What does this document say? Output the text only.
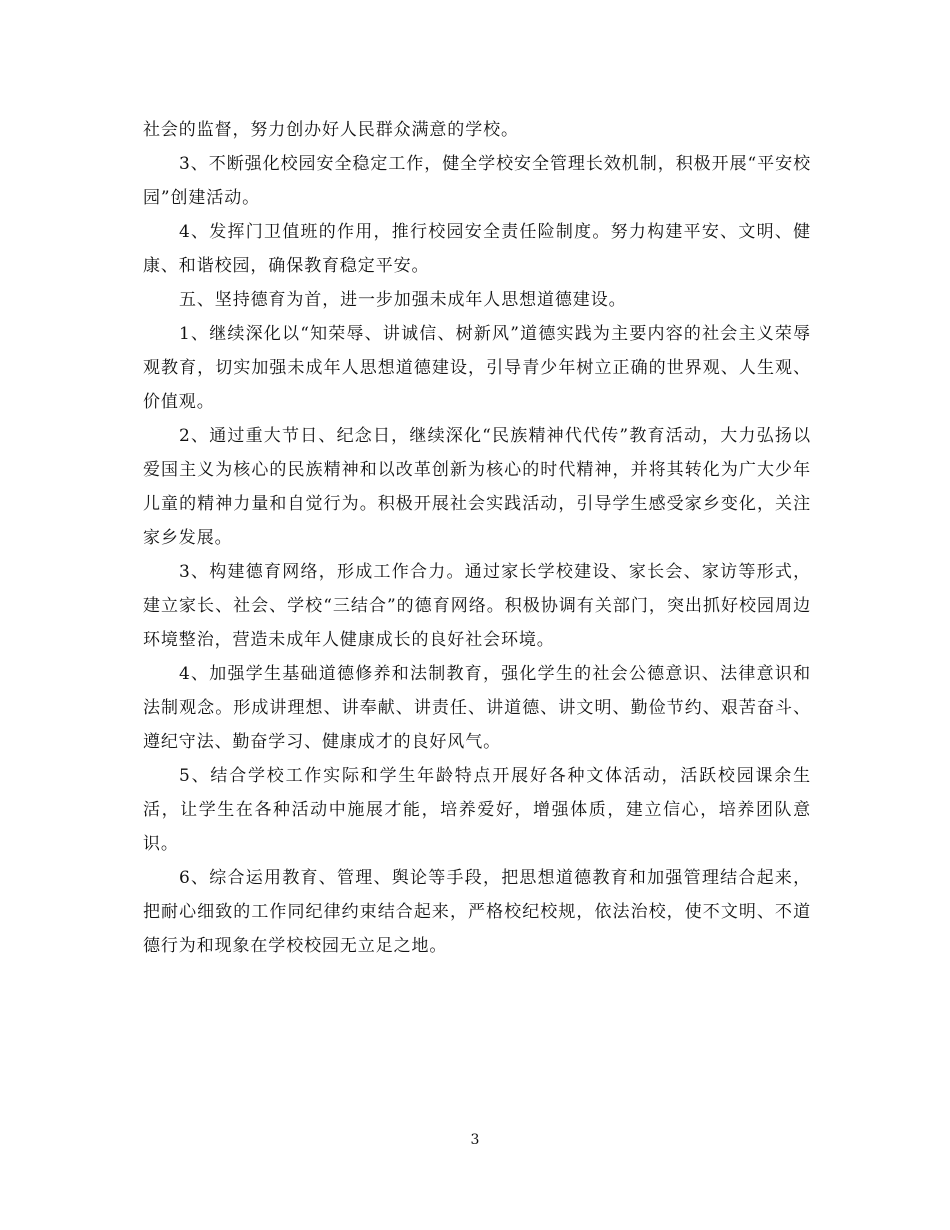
社会的监督，努力创办好人民群众满意的学校。

3、不断强化校园安全稳定工作，健全学校安全管理长效机制，积极开展“平安校园”创建活动。

4、发挥门卫值班的作用，推行校园安全责任险制度。努力构建平安、文明、健康、和谐校园，确保教育稳定平安。

五、坚持德育为首，进一步加强未成年人思想道德建设。

1、继续深化以“知荣辱、讲诚信、树新风”道德实践为主要内容的社会主义荣辱观教育，切实加强未成年人思想道德建设，引导青少年树立正确的世界观、人生观、价值观。

2、通过重大节日、纪念日，继续深化“民族精神代代传”教育活动，大力弘扬以爱国主义为核心的民族精神和以改革创新为核心的时代精神，并将其转化为广大少年儿童的精神力量和自觉行为。积极开展社会实践活动，引导学生感受家乡变化，关注家乡发展。

3、构建德育网络，形成工作合力。通过家长学校建设、家长会、家访等形式，建立家长、社会、学校“三结合”的德育网络。积极协调有关部门，突出抓好校园周边环境整治，营造未成年人健康成长的良好社会环境。

4、加强学生基础道德修养和法制教育，强化学生的社会公德意识、法律意识和法制观念。形成讲理想、讲奉献、讲责任、讲道德、讲文明、勤俭节约、艰苦奋斗、遵纪守法、勤奋学习、健康成才的良好风气。

5、结合学校工作实际和学生年龄特点开展好各种文体活动，活跃校园课余生活，让学生在各种活动中施展才能，培养爱好，增强体质，建立信心，培养团队意识。

6、综合运用教育、管理、舆论等手段，把思想道德教育和加强管理结合起来，把耐心细致的工作同纪律约束结合起来，严格校纪校规，依法治校，使不文明、不道德行为和现象在学校校园无立足之地。

3
